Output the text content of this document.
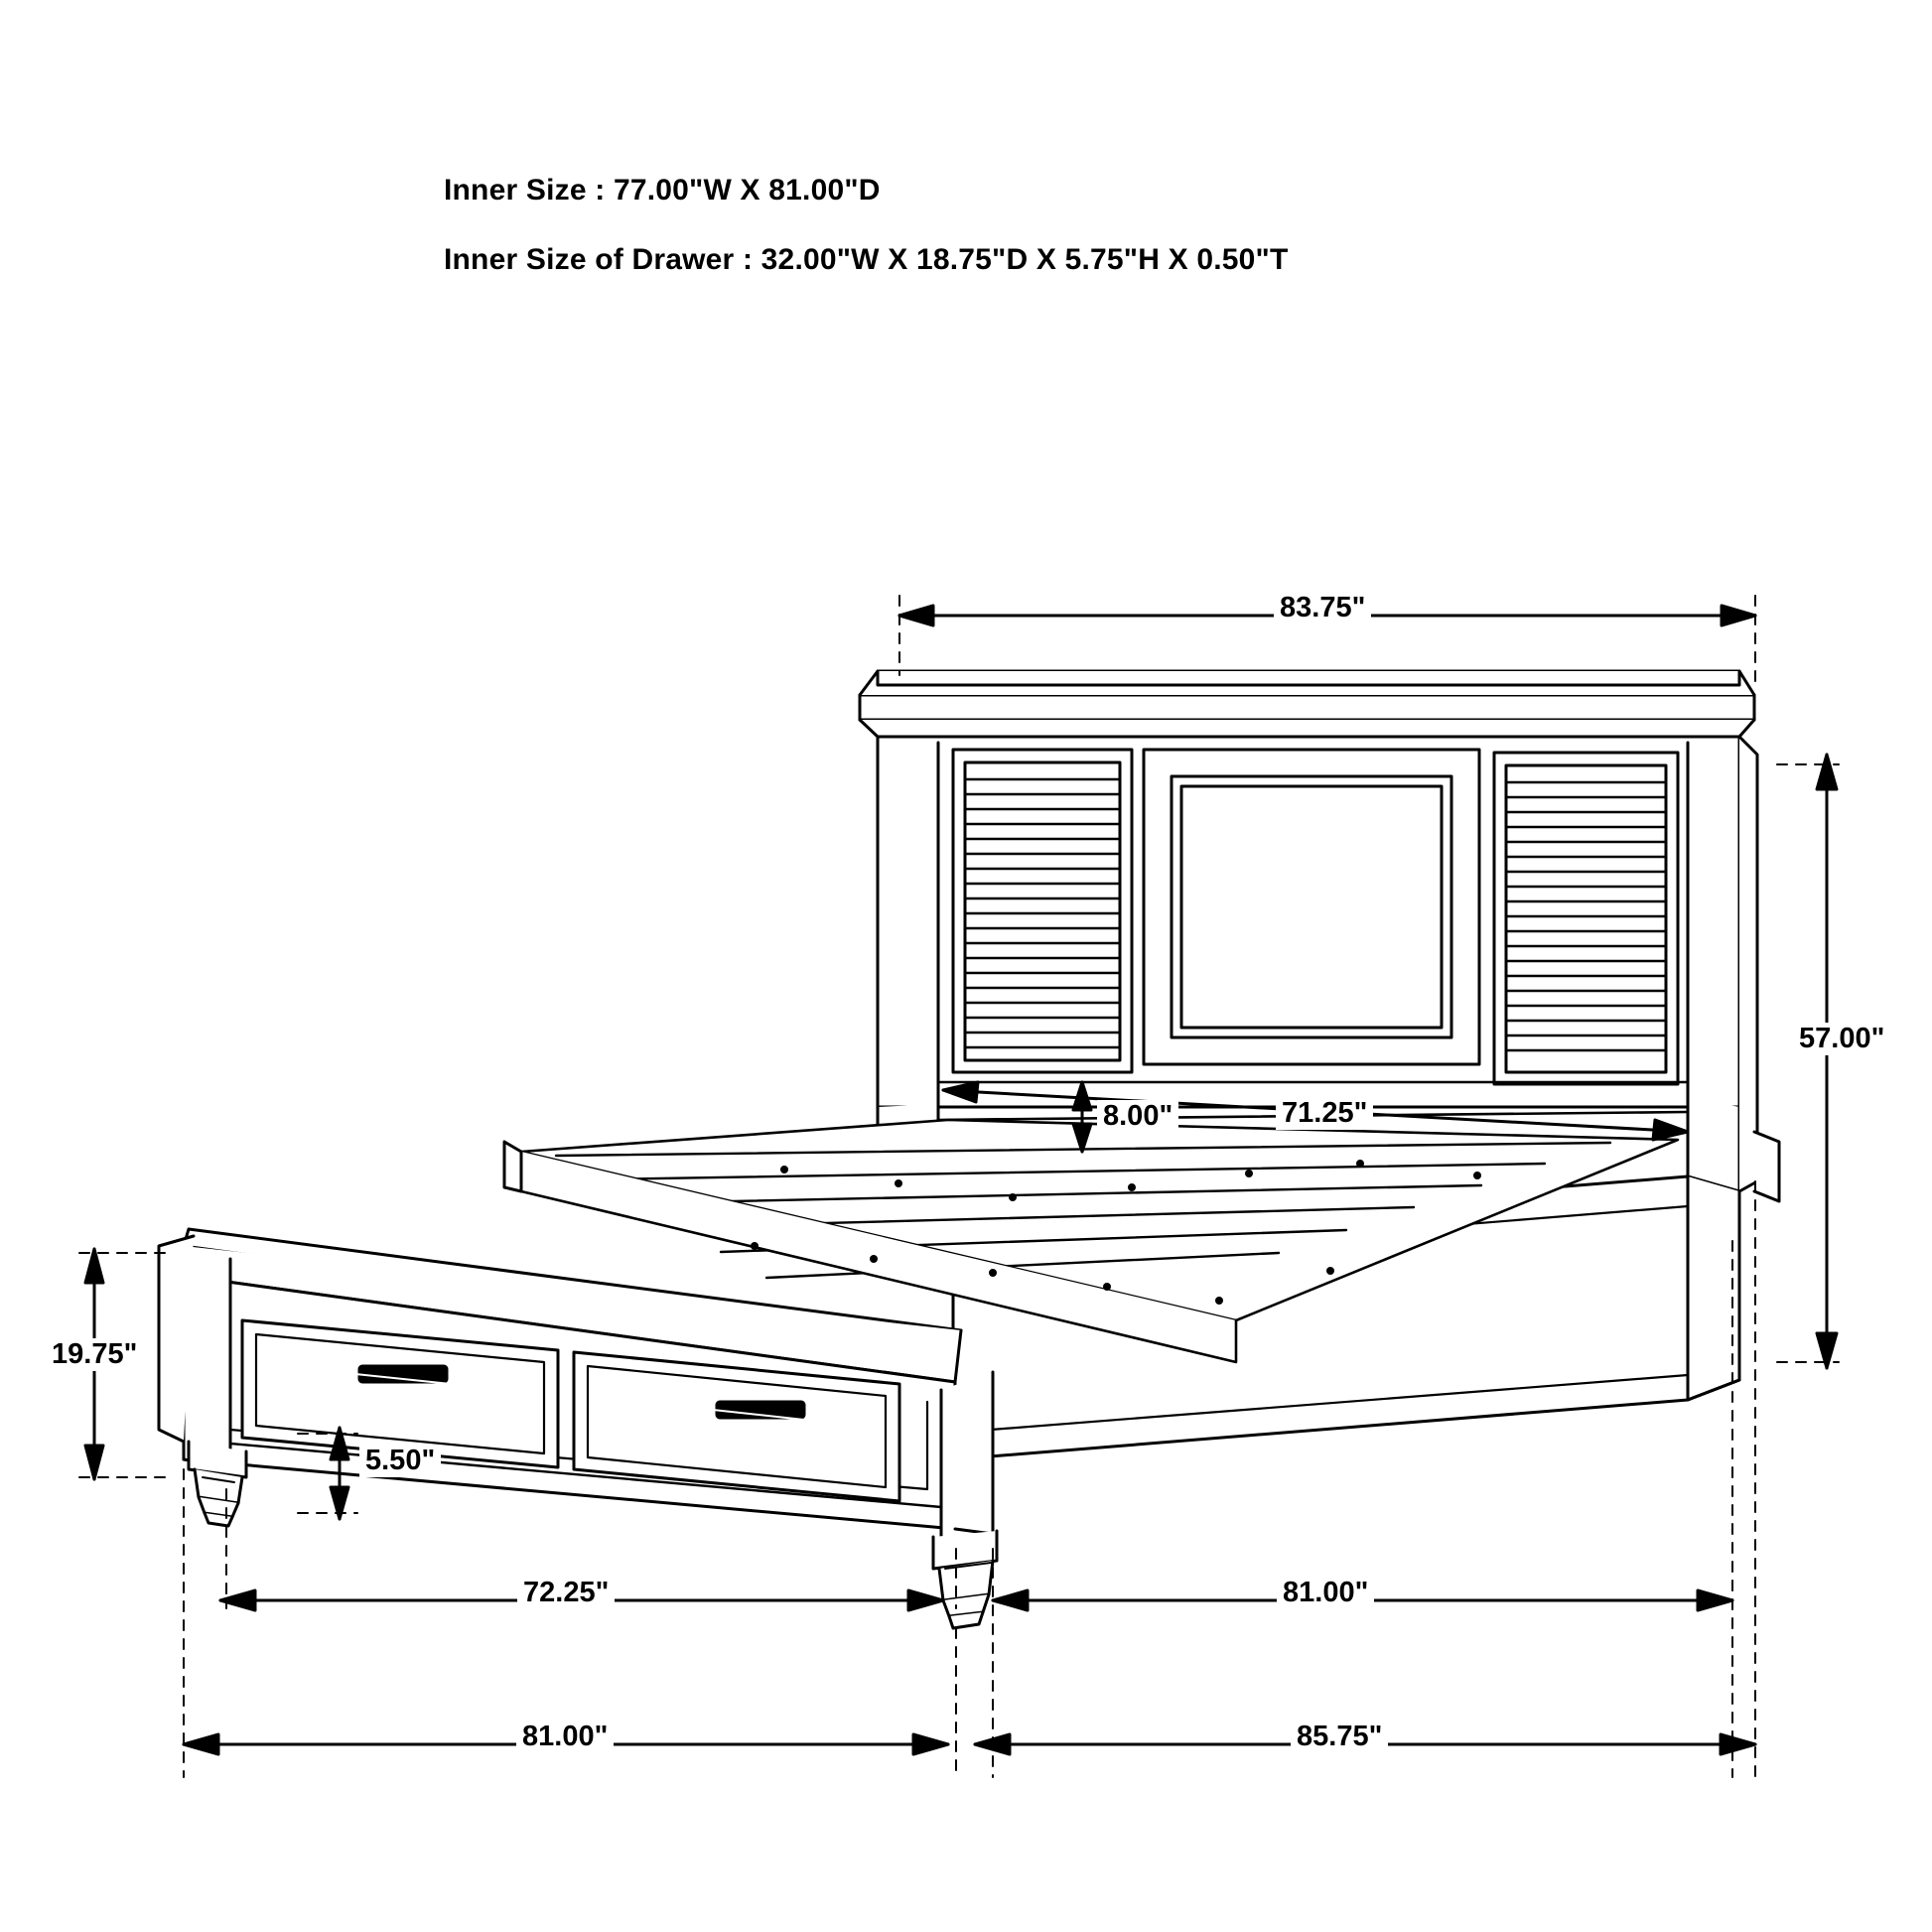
Inner Size : 77.00"W X 81.00"D
Inner Size of Drawer : 32.00"W X 18.75"D X 5.75"H X 0.50"T
83.75"
57.00"
71.25"
8.00"
19.75"
5.50"
72.25"	81.00"
81.00"	85.75"
